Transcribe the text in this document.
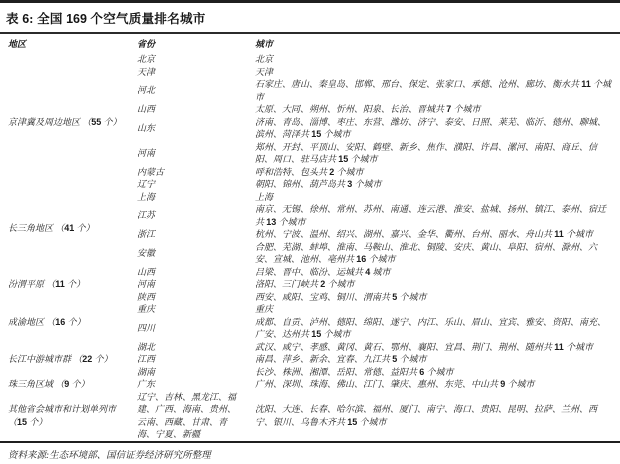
表 6: 全国 169 个空气质量排名城市
地区	省份	城市
京津冀及周边地区 （55 个）	北京	北京
	天津	天津
	河北	石家庄、唐山、秦皇岛、邯郸、邢台、保定、张家口、承德、沧州、廊坊、衡水共 11 个城市
	山西	太原、大同、朔州、忻州、阳泉、长治、晋城共 7 个城市
	山东	济南、青岛、淄博、枣庄、东营、潍坊、济宁、泰安、日照、莱芜、临沂、德州、聊城、滨州、菏泽共 15 个城市
	河南	郑州、开封、平顶山、安阳、鹤壁、新乡、焦作、濮阳、许昌、漯河、南阳、商丘、信阳、周口、驻马店共 15 个城市
	内蒙古	呼和浩特、包头共 2 个城市
	辽宁	朝阳、锦州、葫芦岛共 3 个城市
长三角地区 （41 个）	上海	上海
	江苏	南京、无锡、徐州、常州、苏州、南通、连云港、淮安、盐城、扬州、镇江、泰州、宿迁共 13 个城市
	浙江	杭州、宁波、温州、绍兴、湖州、嘉兴、金华、衢州、台州、丽水、舟山共 11 个城市
	安徽	合肥、芜湖、蚌埠、淮南、马鞍山、淮北、铜陵、安庆、黄山、阜阳、宿州、滁州、六安、宣城、池州、亳州共 16 个城市
汾渭平原 （11 个）	山西	吕梁、晋中、临汾、运城共 4 城市
	河南	洛阳、三门峡共 2 个城市
	陕西	西安、咸阳、宝鸡、铜川、渭南共 5 个城市
成渝地区 （16 个）	重庆	重庆
	四川	成都、自贡、泸州、德阳、绵阳、遂宁、内江、乐山、眉山、宜宾、雅安、资阳、南充、广安、达州共 15 个城市
长江中游城市群 （22 个）	湖北	武汉、咸宁、孝感、黄冈、黄石、鄂州、襄阳、宜昌、荆门、荆州、随州共 11 个城市
	江西	南昌、萍乡、新余、宜春、九江共 5 个城市
	湖南	长沙、株洲、湘潭、岳阳、常德、益阳共 6 个城市
珠三角区域 （9 个）	广东	广州、深圳、珠海、佛山、江门、肇庆、惠州、东莞、中山共 9 个城市
其他省会城市和计划单列市 （15 个）	辽宁、吉林、黑龙江、福建、广西、海南、贵州、云南、西藏、甘肃、青海、宁夏、新疆	沈阳、大连、长春、哈尔滨、福州、厦门、南宁、海口、贵阳、昆明、拉萨、兰州、西宁、银川、乌鲁木齐共 15 个城市
资料来源:生态环境部、国信证券经济研究所整理
